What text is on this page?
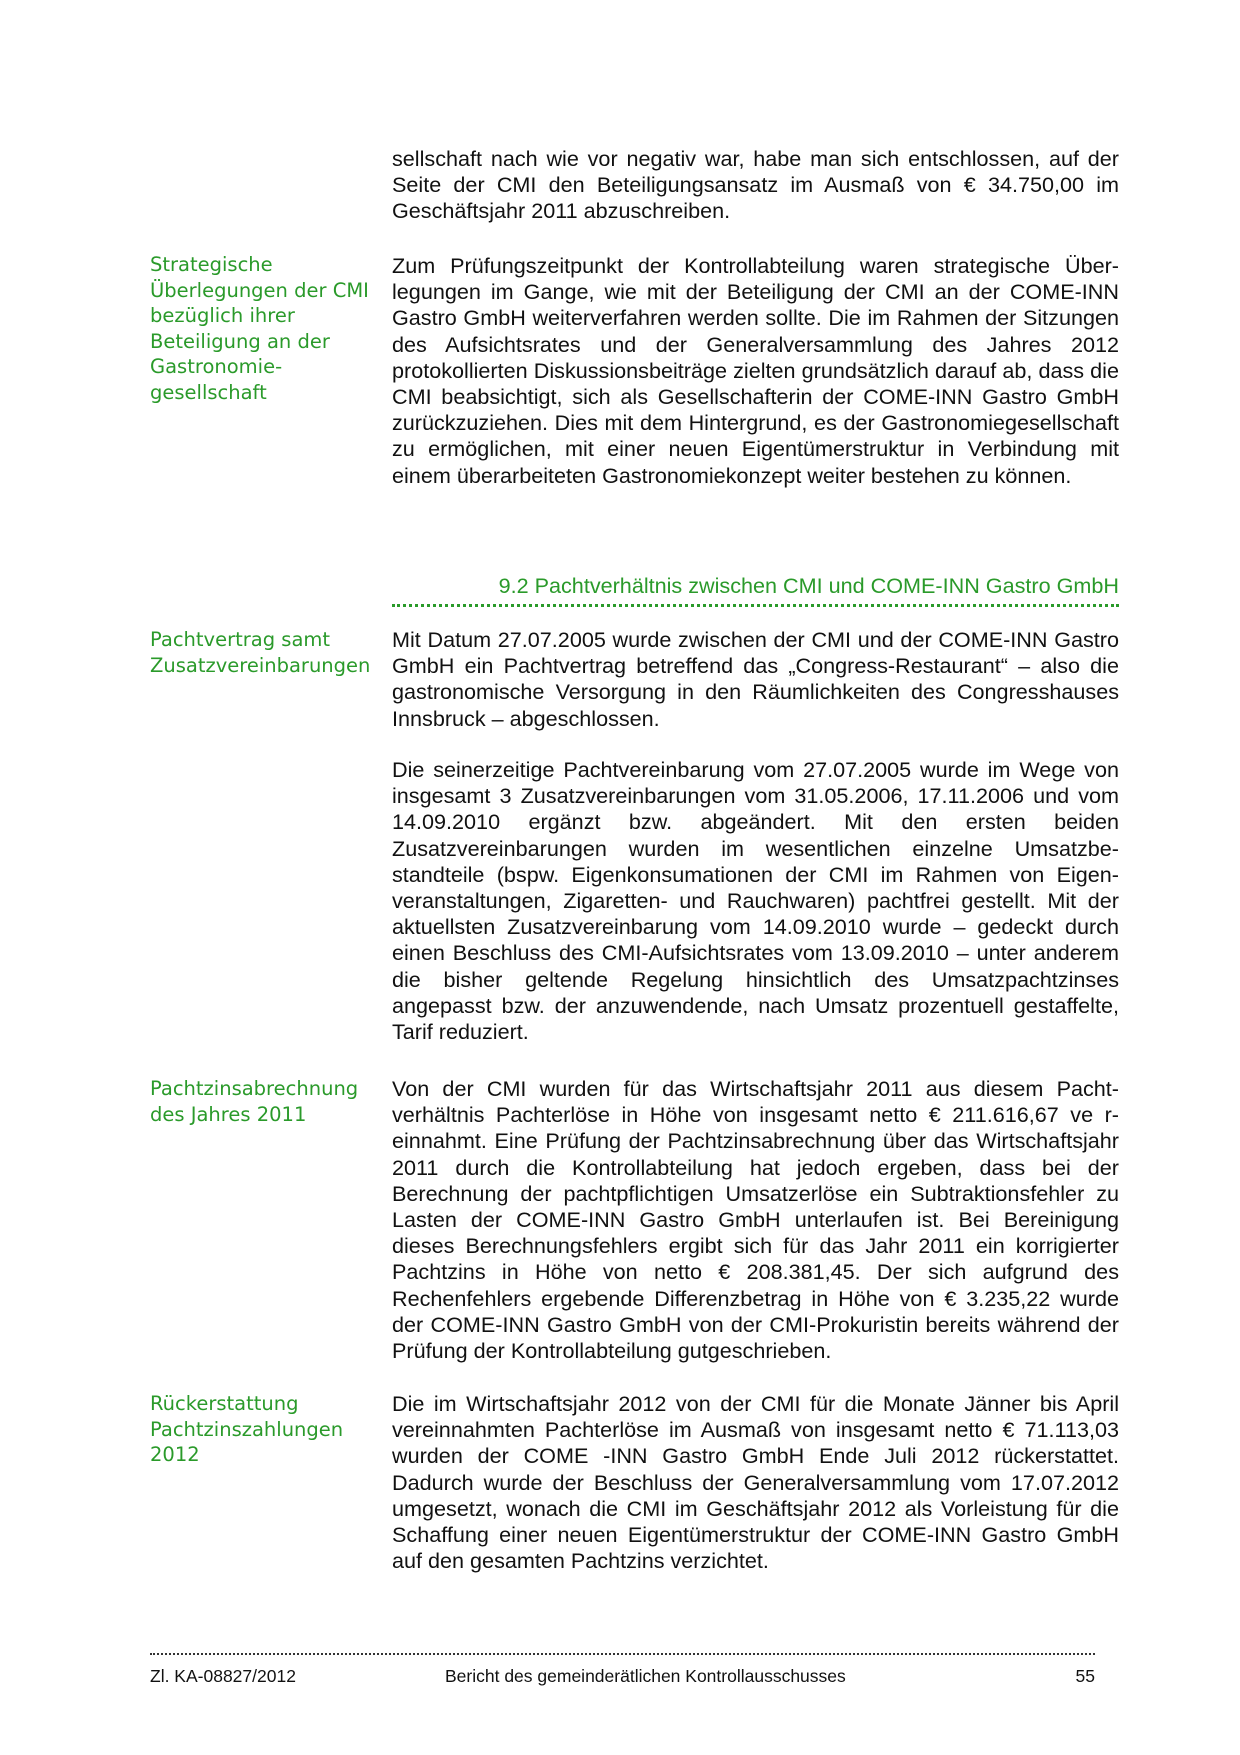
sellschaft nach wie vor negativ war, habe man sich entschlossen, auf der Seite der CMI den Beteiligungsansatz im Ausmaß von € 34.750,00 im Geschäftsjahr 2011 abzuschreiben.

Strategische Überlegungen der CMI bezüglich ihrer Beteiligung an der Gastronomiegesellschaft

Zum Prüfungszeitpunkt der Kontrollabteilung waren strategische Überlegungen im Gange, wie mit der Beteiligung der CMI an der COME-INN Gastro GmbH weiterverfahren werden sollte. Die im Rahmen der Sitzungen des Aufsichtsrates und der Generalversammlung des Jahres 2012 protokollierten Diskussionsbeiträge zielten grundsätzlich darauf ab, dass die CMI beabsichtigt, sich als Gesellschafterin der COME-INN Gastro GmbH zurückzuziehen. Dies mit dem Hintergrund, es der Gastronomiegesellschaft zu ermöglichen, mit einer neuen Eigentümerstruktur in Verbindung mit einem überarbeiteten Gastronomiekonzept weiter bestehen zu können.

9.2 Pachtverhältnis zwischen CMI und COME-INN Gastro GmbH
Pachtvertrag samt Zusatzvereinbarungen

Mit Datum 27.07.2005 wurde zwischen der CMI und der COME-INN Gastro GmbH ein Pachtvertrag betreffend das „Congress-Restaurant“ – also die gastronomische Versorgung in den Räumlichkeiten des Congresshauses Innsbruck – abgeschlossen.

Die seinerzeitige Pachtvereinbarung vom 27.07.2005 wurde im Wege von insgesamt 3 Zusatzvereinbarungen vom 31.05.2006, 17.11.2006 und vom 14.09.2010 ergänzt bzw. abgeändert. Mit den ersten beiden Zusatzvereinbarungen wurden im wesentlichen einzelne Umsatzbestandteile (bspw. Eigenkonsumationen der CMI im Rahmen von Eigenveranstaltungen, Zigaretten- und Rauchwaren) pachtfrei gestellt. Mit der aktuellsten Zusatzvereinbarung vom 14.09.2010 wurde – gedeckt durch einen Beschluss des CMI-Aufsichtsrates vom 13.09.2010 – unter anderem die bisher geltende Regelung hinsichtlich des Umsatzpachtzinses angepasst bzw. der anzuwendende, nach Umsatz prozentuell gestaffelte, Tarif reduziert.

Pachtzinsabrechnung des Jahres 2011

Von der CMI wurden für das Wirtschaftsjahr 2011 aus diesem Pachtverhältnis Pachterlöse in Höhe von insgesamt netto € 211.616,67 ve reinnahmt. Eine Prüfung der Pachtzinsabrechnung über das Wirtschaftsjahr 2011 durch die Kontrollabteilung hat jedoch ergeben, dass bei der Berechnung der pachtpflichtigen Umsatzerlöse ein Subtraktionsfehler zu Lasten der COME-INN Gastro GmbH unterlaufen ist. Bei Bereinigung dieses Berechnungsfehlers ergibt sich für das Jahr 2011 ein korrigierter Pachtzins in Höhe von netto € 208.381,45. Der sich aufgrund des Rechenfehlers ergebende Differenzbetrag in Höhe von € 3.235,22 wurde der COME-INN Gastro GmbH von der CMI-Prokuristin bereits während der Prüfung der Kontrollabteilung gutgeschrieben.

Rückerstattung Pachtzinszahlungen 2012

Die im Wirtschaftsjahr 2012 von der CMI für die Monate Jänner bis April vereinnahmten Pachterlöse im Ausmaß von insgesamt netto € 71.113,03 wurden der COME -INN Gastro GmbH Ende Juli 2012 rückerstattet. Dadurch wurde der Beschluss der Generalversammlung vom 17.07.2012 umgesetzt, wonach die CMI im Geschäftsjahr 2012 als Vorleistung für die Schaffung einer neuen Eigentümerstruktur der COME-INN Gastro GmbH auf den gesamten Pachtzins verzichtet.

Zl. KA-08827/2012	Bericht des gemeinderätlichen Kontrollausschusses	55
